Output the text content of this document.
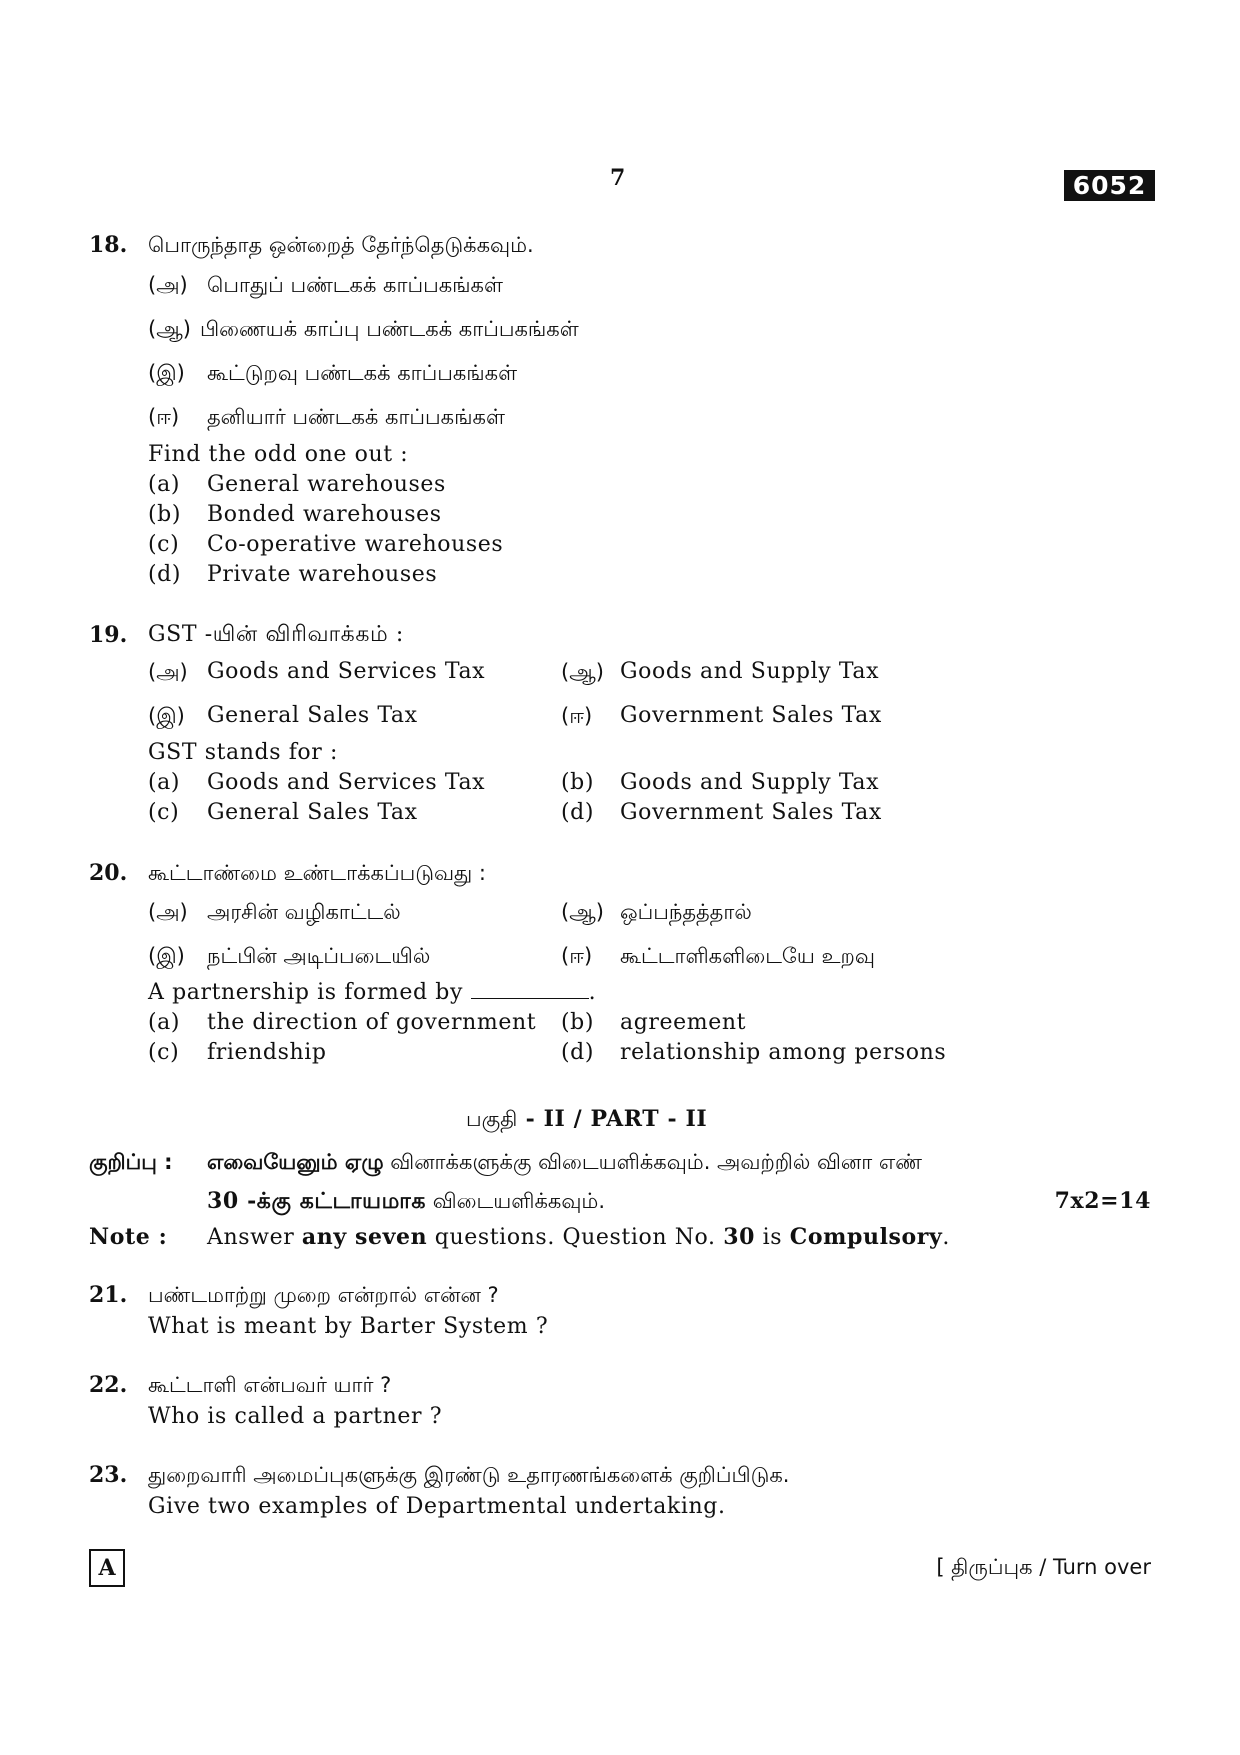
7	6052
18. பொருந்தாத ஒன்றைத் தேர்ந்தெடுக்கவும்.
(அ) பொதுப் பண்டகக் காப்பகங்கள்
(ஆ) பிணையக் காப்பு பண்டகக் காப்பகங்கள்
(இ) கூட்டுறவு பண்டகக் காப்பகங்கள்
(ஈ) தனியார் பண்டகக் காப்பகங்கள்
Find the odd one out :
(a) General warehouses
(b) Bonded warehouses
(c) Co-operative warehouses
(d) Private warehouses
19. GST -யின் விரிவாக்கம் :
(அ) Goods and Services Tax	(ஆ) Goods and Supply Tax
(இ) General Sales Tax	(ஈ) Government Sales Tax
GST stands for :
(a) Goods and Services Tax	(b) Goods and Supply Tax
(c) General Sales Tax	(d) Government Sales Tax
20. கூட்டாண்மை உண்டாக்கப்படுவது :
(அ) அரசின் வழிகாட்டல்	(ஆ) ஒப்பந்தத்தால்
(இ) நட்பின் அடிப்படையில்	(ஈ) கூட்டாளிகளிடையே உறவு
A partnership is formed by	.
(a) the direction of government (b) agreement
(c) friendship	(d) relationship among persons
பகுதி - II / PART - II
குறிப்பு : எவையேனும் ஏழு வினாக்களுக்கு விடையளிக்கவும். அவற்றில் வினா எண்
30 -க்கு கட்டாயமாக விடையளிக்கவும்.	7x2=14
Note : Answer any seven questions. Question No. 30 is Compulsory.
21. பண்டமாற்று முறை என்றால் என்ன ?
What is meant by Barter System ?
22. கூட்டாளி என்பவர் யார் ?
Who is called a partner ?
23. துறைவாரி அமைப்புகளுக்கு இரண்டு உதாரணங்களைக் குறிப்பிடுக.
Give two examples of Departmental undertaking.
A	[ திருப்புக / Turn over
